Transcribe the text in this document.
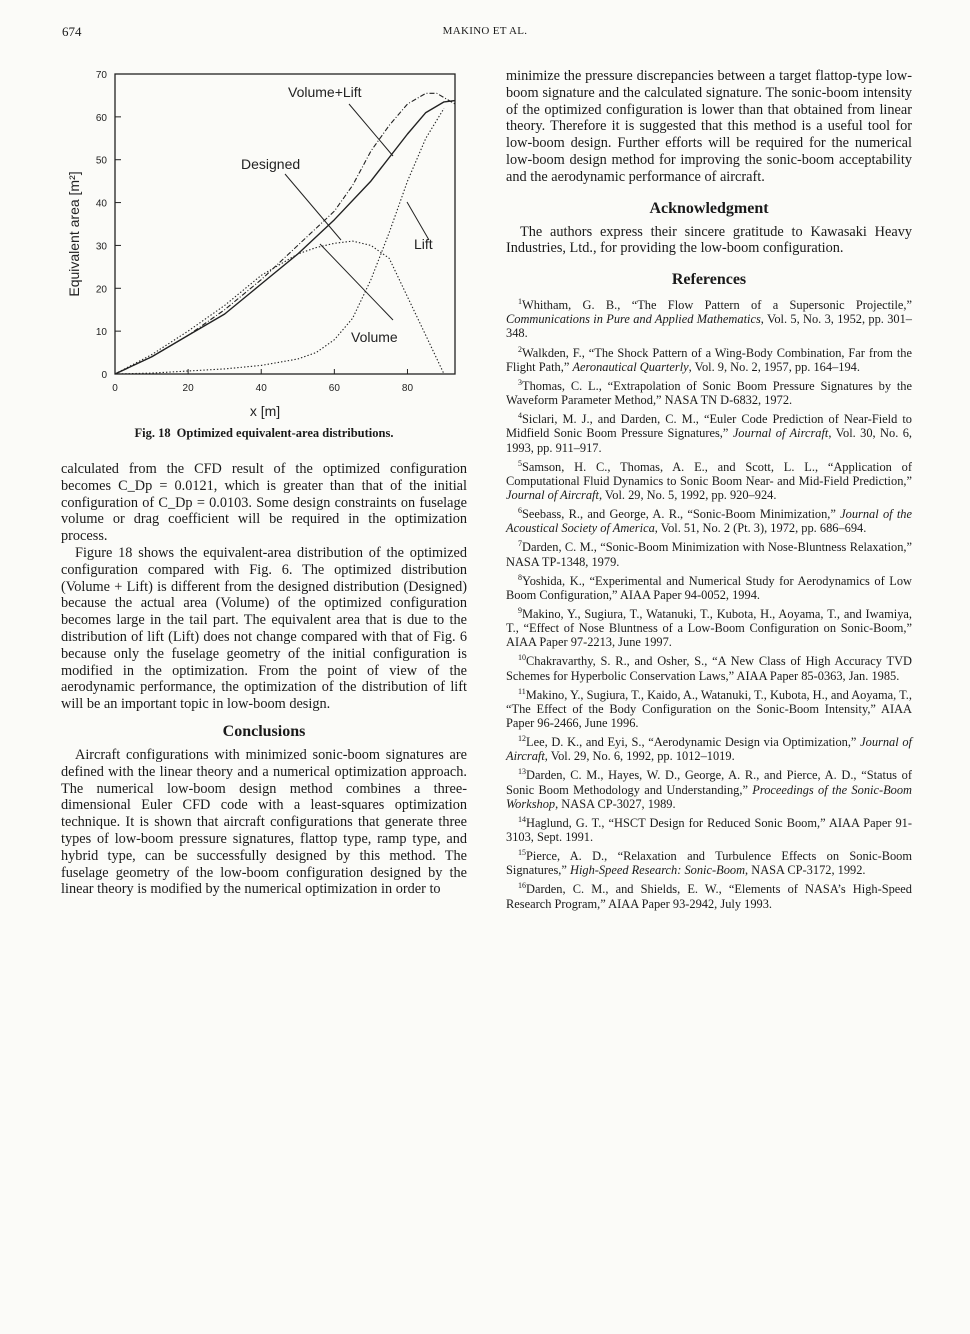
674	MAKINO ET AL.
0	20	40	60	80
0
10
20
30
40
50
60
70
x [m]
Equivalent area [m²]
Volume+Lift
Designed
Lift
Volume
Fig. 18 Optimized equivalent-area distributions.

calculated from the CFD result of the optimized configuration becomes C_Dp = 0.0121, which is greater than that of the initial configuration of C_Dp = 0.0103. Some design constraints on fuselage volume or drag coefficient will be required in the optimization process.

Figure 18 shows the equivalent-area distribution of the optimized configuration compared with Fig. 6. The optimized distribution (Volume + Lift) is different from the designed distribution (Designed) because the actual area (Volume) of the optimized configuration becomes large in the tail part. The equivalent area that is due to the distribution of lift (Lift) does not change compared with that of Fig. 6 because only the fuselage geometry of the initial configuration is modified in the optimization. From the point of view of the aerodynamic performance, the optimization of the distribution of lift will be an important topic in low-boom design.

Conclusions

Aircraft configurations with minimized sonic-boom signatures are defined with the linear theory and a numerical optimization approach. The numerical low-boom design method combines a three-dimensional Euler CFD code with a least-squares optimization technique. It is shown that aircraft configurations that generate three types of low-boom pressure signatures, flattop type, ramp type, and hybrid type, can be successfully designed by this method. The fuselage geometry of the low-boom configuration designed by the linear theory is modified by the numerical optimization in order to

minimize the pressure discrepancies between a target flattop-type low-boom signature and the calculated signature. The sonic-boom intensity of the optimized configuration is lower than that obtained from linear theory. Therefore it is suggested that this method is a useful tool for low-boom design. Further efforts will be required for the numerical low-boom design method for improving the sonic-boom acceptability and the aerodynamic performance of aircraft.

Acknowledgment

The authors express their sincere gratitude to Kawasaki Heavy Industries, Ltd., for providing the low-boom configuration.

References

$^1$Whitham, G. B., “The Flow Pattern of a Supersonic Projectile,” Communications in Pure and Applied Mathematics, Vol. 5, No. 3, 1952, pp. 301–348.

$^2$Walkden, F., “The Shock Pattern of a Wing-Body Combination, Far from the Flight Path,” Aeronautical Quarterly, Vol. 9, No. 2, 1957, pp. 164–194.

$^3$Thomas, C. L., “Extrapolation of Sonic Boom Pressure Signatures by the Waveform Parameter Method,” NASA TN D-6832, 1972.

$^4$Siclari, M. J., and Darden, C. M., “Euler Code Prediction of Near-Field to Midfield Sonic Boom Pressure Signatures,” Journal of Aircraft, Vol. 30, No. 6, 1993, pp. 911–917.

$^5$Samson, H. C., Thomas, A. E., and Scott, L. L., “Application of Computational Fluid Dynamics to Sonic Boom Near- and Mid-Field Prediction,” Journal of Aircraft, Vol. 29, No. 5, 1992, pp. 920–924.

$^6$Seebass, R., and George, A. R., “Sonic-Boom Minimization,” Journal of the Acoustical Society of America, Vol. 51, No. 2 (Pt. 3), 1972, pp. 686–694.

$^7$Darden, C. M., “Sonic-Boom Minimization with Nose-Bluntness Relaxation,” NASA TP-1348, 1979.

$^8$Yoshida, K., “Experimental and Numerical Study for Aerodynamics of Low Boom Configuration,” AIAA Paper 94-0052, 1994.

$^9$Makino, Y., Sugiura, T., Watanuki, T., Kubota, H., Aoyama, T., and Iwamiya, T., “Effect of Nose Bluntness of a Low-Boom Configuration on Sonic-Boom,” AIAA Paper 97-2213, June 1997.

$^{10}$Chakravarthy, S. R., and Osher, S., “A New Class of High Accuracy TVD Schemes for Hyperbolic Conservation Laws,” AIAA Paper 85-0363, Jan. 1985.

$^{11}$Makino, Y., Sugiura, T., Kaido, A., Watanuki, T., Kubota, H., and Aoyama, T., “The Effect of the Body Configuration on the Sonic-Boom Intensity,” AIAA Paper 96-2466, June 1996.

$^{12}$Lee, D. K., and Eyi, S., “Aerodynamic Design via Optimization,” Journal of Aircraft, Vol. 29, No. 6, 1992, pp. 1012–1019.

$^{13}$Darden, C. M., Hayes, W. D., George, A. R., and Pierce, A. D., “Status of Sonic Boom Methodology and Understanding,” Proceedings of the Sonic-Boom Workshop, NASA CP-3027, 1989.

$^{14}$Haglund, G. T., “HSCT Design for Reduced Sonic Boom,” AIAA Paper 91-3103, Sept. 1991.

$^{15}$Pierce, A. D., “Relaxation and Turbulence Effects on Sonic-Boom Signatures,” High-Speed Research: Sonic-Boom, NASA CP-3172, 1992.

$^{16}$Darden, C. M., and Shields, E. W., “Elements of NASA’s High-Speed Research Program,” AIAA Paper 93-2942, July 1993.
